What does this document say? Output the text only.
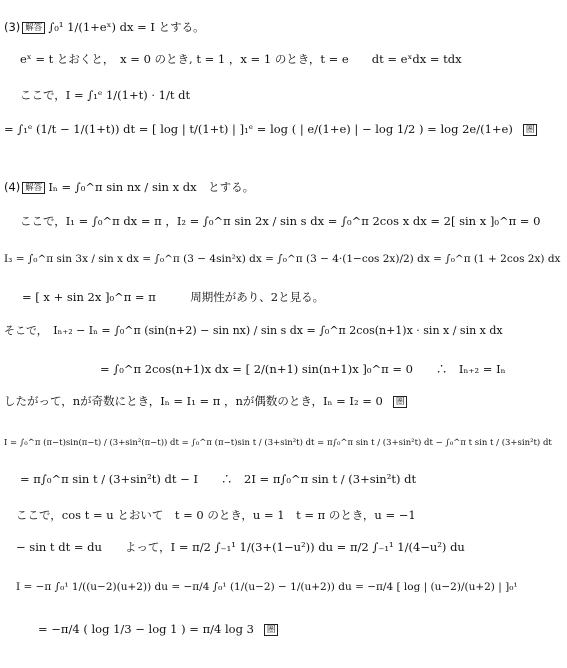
(3) 解答 ∫₀¹ 1/(1+eˣ) dx = I とする。
eˣ = t とおくと，　x = 0 のとき, t = 1 ，x = 1 のとき，t = e　　dt = eˣdx = tdx
ここで，I = ∫₁ᵉ 1/(1+t) · 1/t dt
= ∫₁ᵉ (1/t − 1/(1+t)) dt = [ log | t/(1+t) | ]₁ᵉ = log ( | e/(1+e) | − log 1/2 ) = log 2e/(1+e) 圏
(4) 解答 Iₙ = ∫₀^π sin nx / sin x dx　とする。
ここで，I₁ = ∫₀^π dx = π ，I₂ = ∫₀^π sin 2x / sin s dx = ∫₀^π 2cos x dx = 2[ sin x ]₀^π = 0
I₃ = ∫₀^π sin 3x / sin x dx = ∫₀^π (3 − 4sin²x) dx = ∫₀^π (3 − 4·(1−cos 2x)/2) dx = ∫₀^π (1 + 2cos 2x) dx
= [ x + sin 2x ]₀^π = π　　　周期性があり、2と見る。
そこで，　Iₙ₊₂ − Iₙ = ∫₀^π (sin(n+2) − sin nx) / sin s dx = ∫₀^π 2cos(n+1)x · sin x / sin x dx
= ∫₀^π 2cos(n+1)x dx = [ 2/(n+1) sin(n+1)x ]₀^π = 0　　∴　Iₙ₊₂ = Iₙ
したがって，nが奇数にとき，Iₙ = I₁ = π ，nが偶数のとき，Iₙ = I₂ = 0 圏
I = ∫₀^π (π−t)sin(π−t) / (3+sin²(π−t)) dt = ∫₀^π (π−t)sin t / (3+sin²t) dt = π∫₀^π sin t / (3+sin²t) dt − ∫₀^π t sin t / (3+sin²t) dt
= π∫₀^π sin t / (3+sin²t) dt − I　　∴　2I = π∫₀^π sin t / (3+sin²t) dt
ここで，cos t = u とおいて　t = 0 のとき，u = 1　t = π のとき，u = −1
− sin t dt = du　　よって，I = π/2 ∫₋₁¹ 1/(3+(1−u²)) du = π/2 ∫₋₁¹ 1/(4−u²) du
I = −π ∫₀¹ 1/((u−2)(u+2)) du = −π/4 ∫₀¹ (1/(u−2) − 1/(u+2)) du = −π/4 [ log | (u−2)/(u+2) | ]₀¹
= −π/4 ( log 1/3 − log 1 ) = π/4 log 3 圏
